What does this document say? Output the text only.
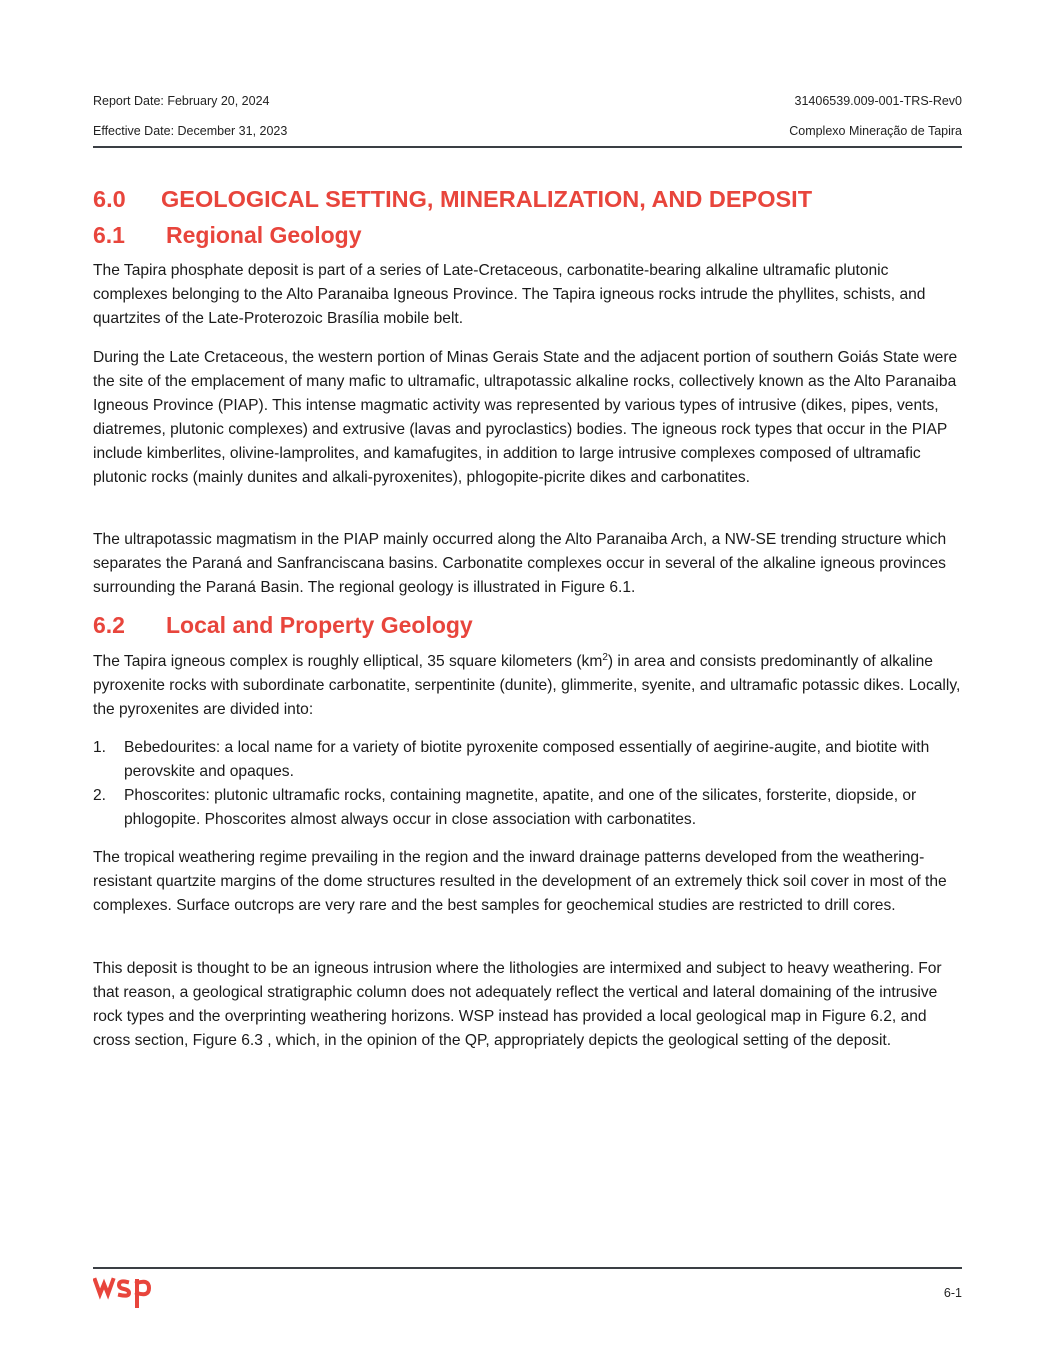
Report Date: February 20, 2024	31406539.009-001-TRS-Rev0
Effective Date: December 31, 2023	Complexo Mineração de Tapira
6.0 GEOLOGICAL SETTING, MINERALIZATION, AND DEPOSIT
6.1 Regional Geology

The Tapira phosphate deposit is part of a series of Late-Cretaceous, carbonatite-bearing alkaline ultramafic plutonic complexes belonging to the Alto Paranaiba Igneous Province. The Tapira igneous rocks intrude the phyllites, schists, and quartzites of the Late-Proterozoic Brasília mobile belt.

During the Late Cretaceous, the western portion of Minas Gerais State and the adjacent portion of southern Goiás State were the site of the emplacement of many mafic to ultramafic, ultrapotassic alkaline rocks, collectively known as the Alto Paranaiba Igneous Province (PIAP). This intense magmatic activity was represented by various types of intrusive (dikes, pipes, vents, diatremes, plutonic complexes) and extrusive (lavas and pyroclastics) bodies. The igneous rock types that occur in the PIAP include kimberlites, olivine-lamprolites, and kamafugites, in addition to large intrusive complexes composed of ultramafic plutonic rocks (mainly dunites and alkali-pyroxenites), phlogopite-picrite dikes and carbonatites.

The ultrapotassic magmatism in the PIAP mainly occurred along the Alto Paranaiba Arch, a NW-SE trending structure which separates the Paraná and Sanfranciscana basins. Carbonatite complexes occur in several of the alkaline igneous provinces surrounding the Paraná Basin. The regional geology is illustrated in Figure 6.1.

6.2 Local and Property Geology

The Tapira igneous complex is roughly elliptical, 35 square kilometers $(km^2)$ in area and consists predominantly of alkaline pyroxenite rocks with subordinate carbonatite, serpentinite (dunite), glimmerite, syenite, and ultramafic potassic dikes. Locally, the pyroxenites are divided into:

1. Bebedourites: a local name for a variety of biotite pyroxenite composed essentially of aegirine-augite, and biotite with perovskite and opaques.
2. Phoscorites: plutonic ultramafic rocks, containing magnetite, apatite, and one of the silicates, forsterite, diopside, or phlogopite. Phoscorites almost always occur in close association with carbonatites.

The tropical weathering regime prevailing in the region and the inward drainage patterns developed from the weathering-resistant quartzite margins of the dome structures resulted in the development of an extremely thick soil cover in most of the complexes. Surface outcrops are very rare and the best samples for geochemical studies are restricted to drill cores.

This deposit is thought to be an igneous intrusion where the lithologies are intermixed and subject to heavy weathering. For that reason, a geological stratigraphic column does not adequately reflect the vertical and lateral domaining of the intrusive rock types and the overprinting weathering horizons. WSP instead has provided a local geological map in Figure 6.2, and cross section, Figure 6.3 , which, in the opinion of the QP, appropriately depicts the geological setting of the deposit.

6-1
